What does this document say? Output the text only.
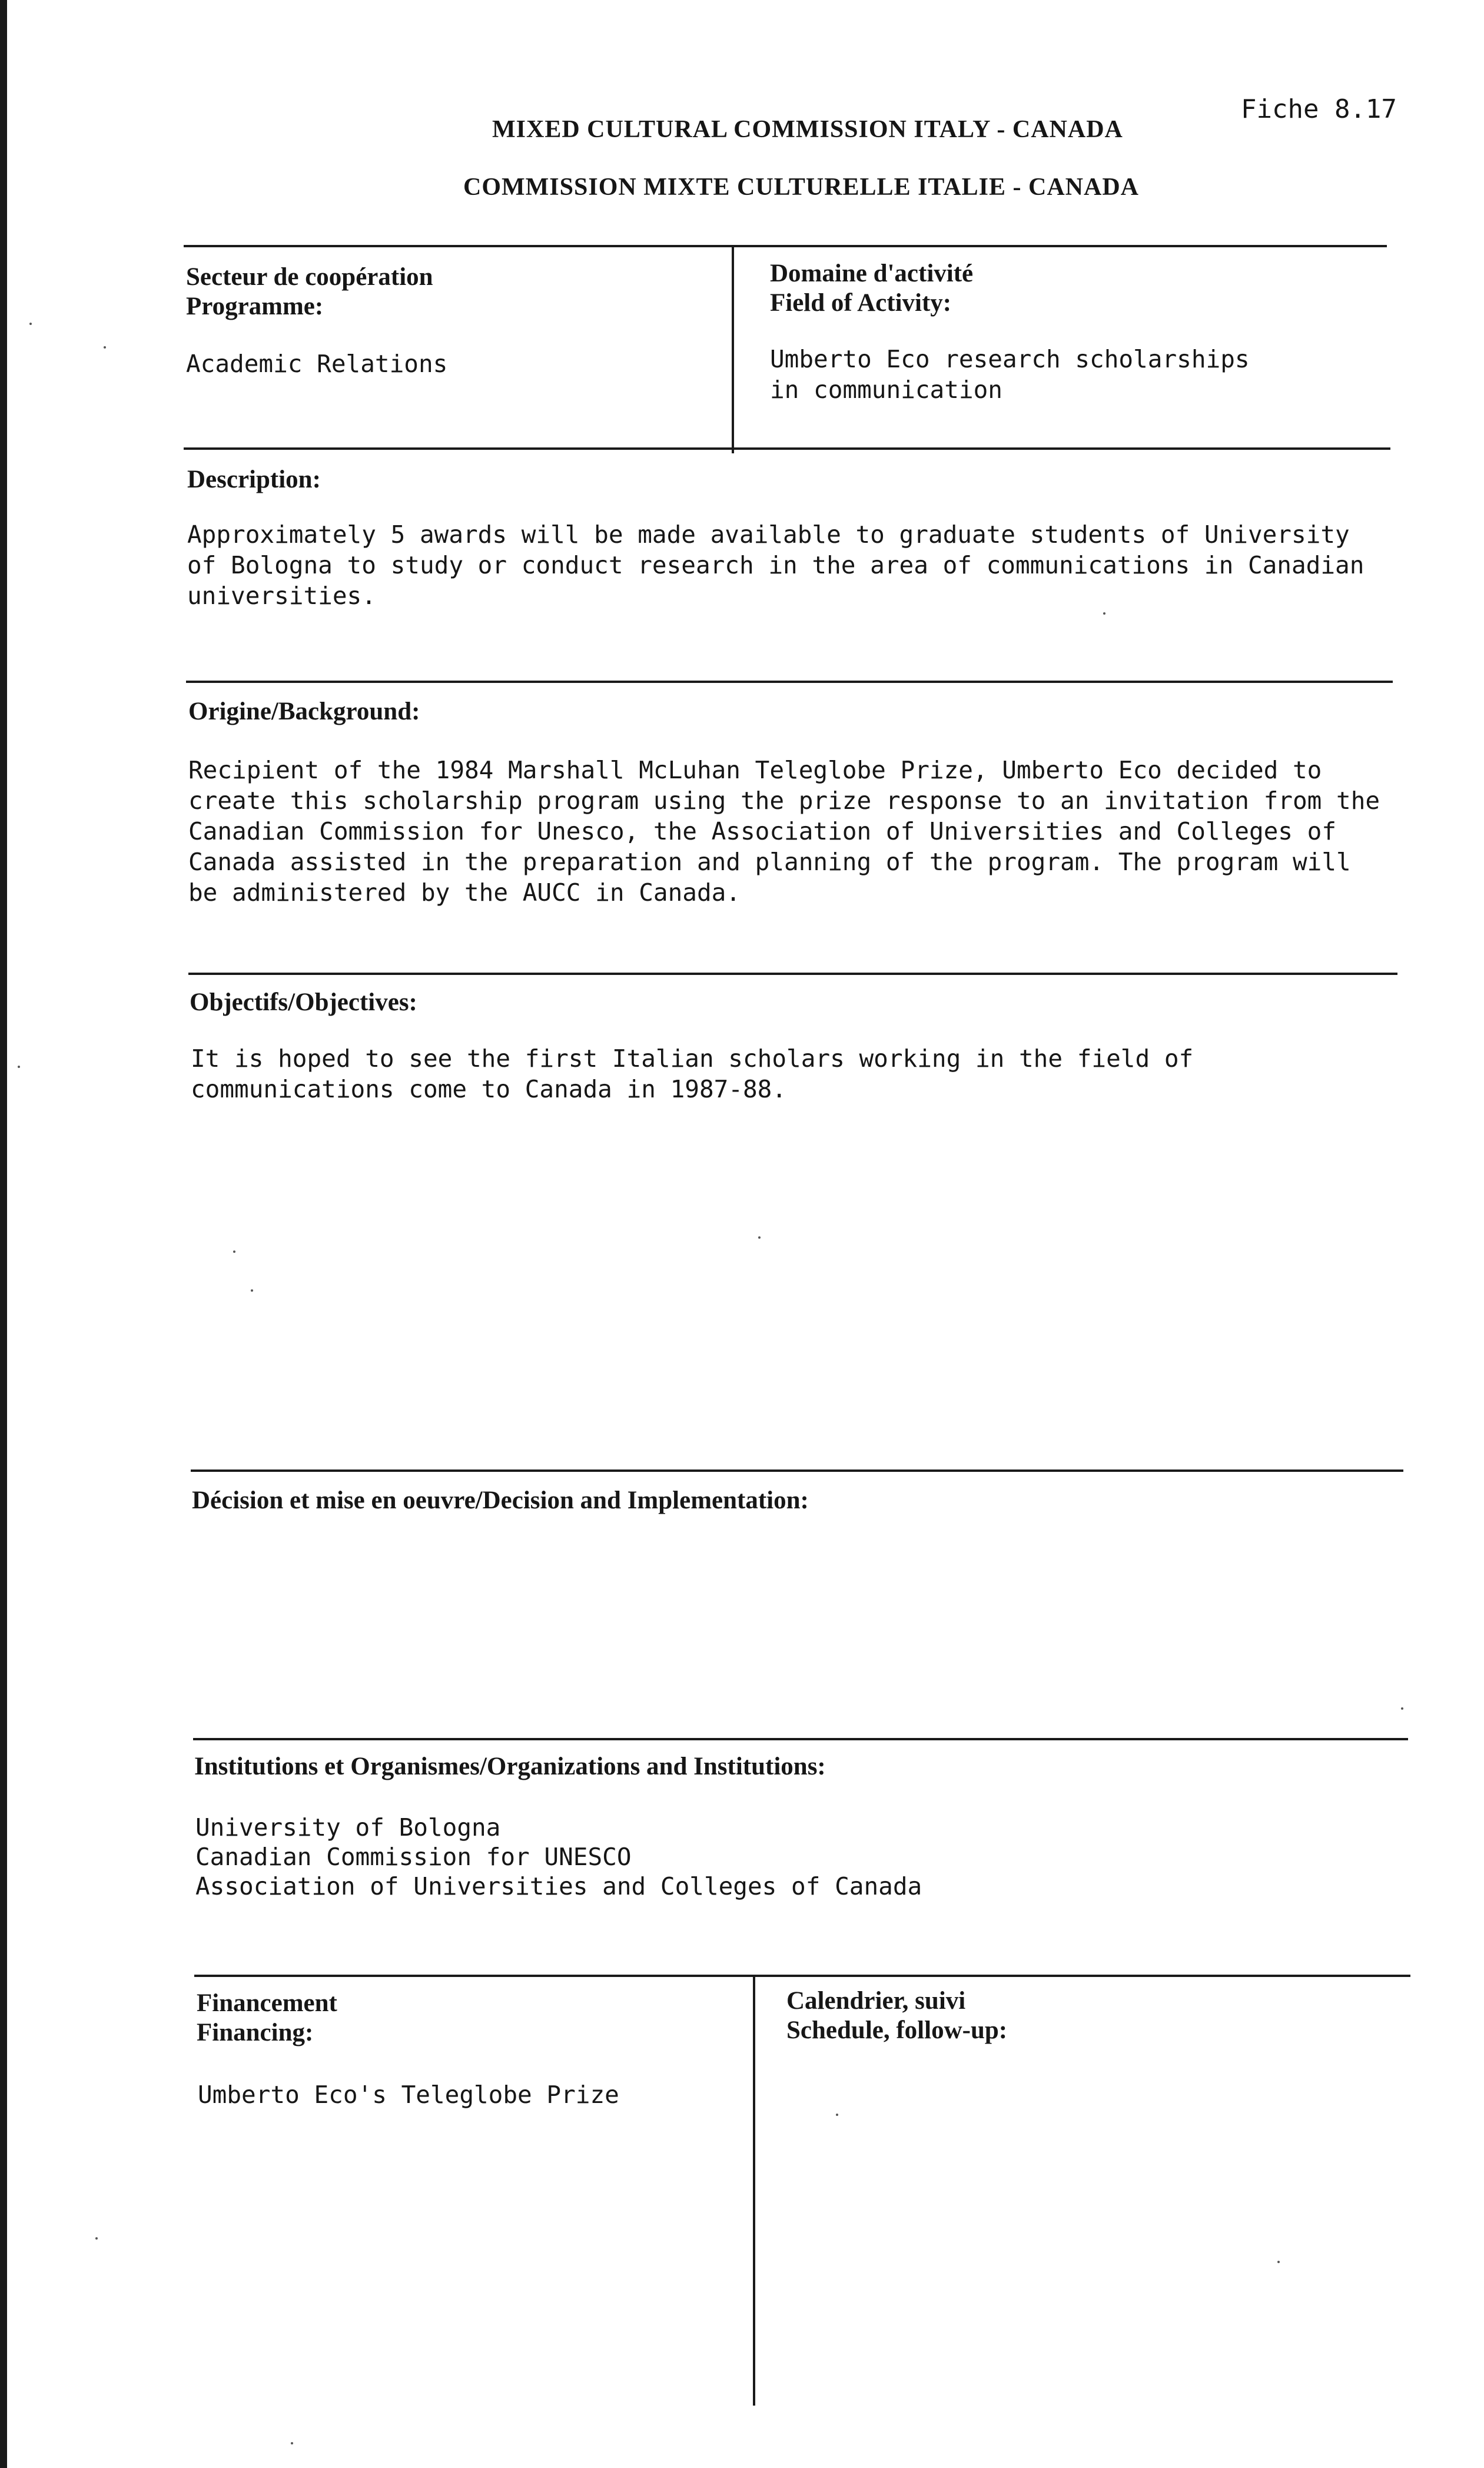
Fiche 8.17
MIXED CULTURAL COMMISSION ITALY - CANADA
COMMISSION MIXTE CULTURELLE ITALIE - CANADA
Secteur de coopération
Programme:
Academic Relations
Domaine d'activité
Field of Activity:
Umberto Eco research scholarships
in communication
Description:
Approximately 5 awards will be made available to graduate students of University
of Bologna to study or conduct research in the area of communications in Canadian
universities.
Origine/Background:
Recipient of the 1984 Marshall McLuhan Teleglobe Prize, Umberto Eco decided to
create this scholarship program using the prize response to an invitation from the
Canadian Commission for Unesco, the Association of Universities and Colleges of
Canada assisted in the preparation and planning of the program. The program will
be administered by the AUCC in Canada.
Objectifs/Objectives:
It is hoped to see the first Italian scholars working in the field of
communications come to Canada in 1987-88.
Décision et mise en oeuvre/Decision and Implementation:
Institutions et Organismes/Organizations and Institutions:
University of Bologna
Canadian Commission for UNESCO
Association of Universities and Colleges of Canada
Financement
Financing:
Umberto Eco's Teleglobe Prize
Calendrier, suivi
Schedule, follow-up:
